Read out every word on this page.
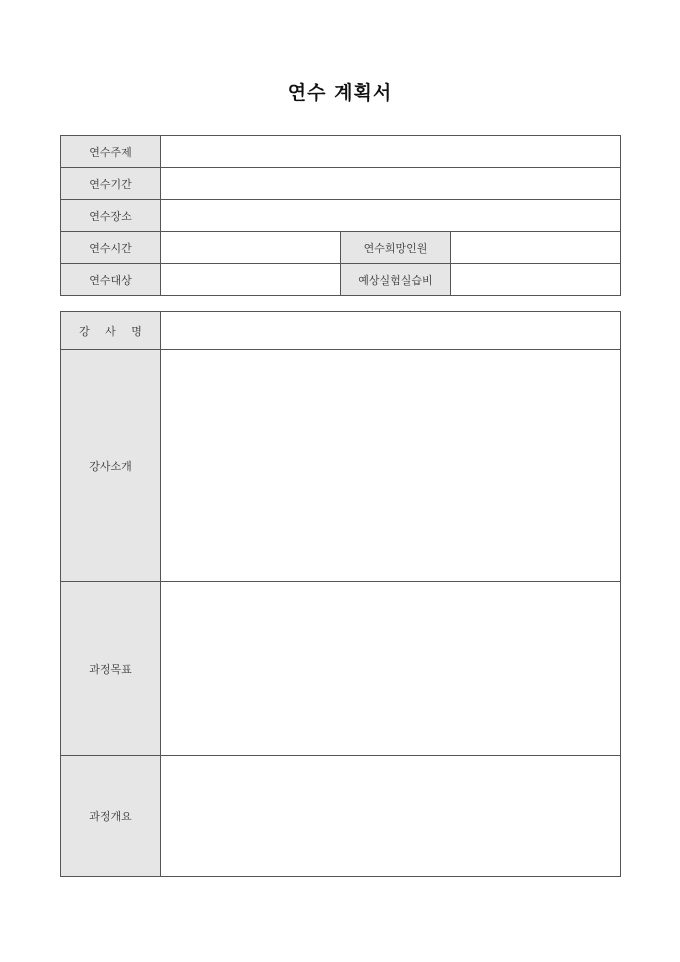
연수 계획서
연수주제			
연수기간			
연수장소			
연수시간		연수희망인원	
연수대상		예상실험실습비	
강 사 명	
강사소개	
과정목표	
과정개요	
